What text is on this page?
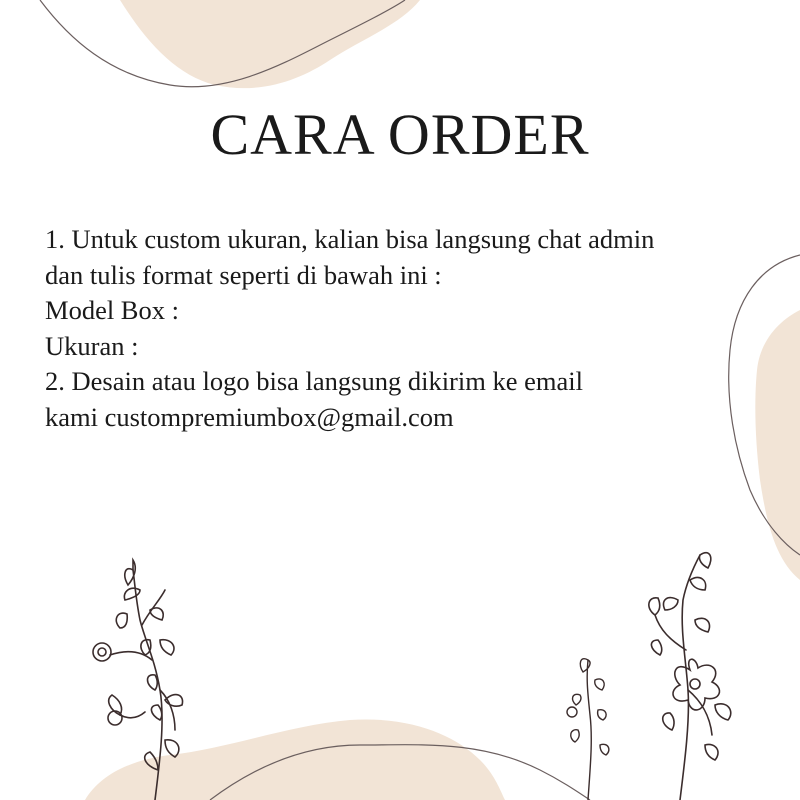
CARA ORDER
1. Untuk custom ukuran, kalian bisa langsung chat admin
dan tulis format seperti di bawah ini :
Model Box :
Ukuran :
2. Desain atau logo bisa langsung dikirim ke email
kami custompremiumbox@gmail.com
